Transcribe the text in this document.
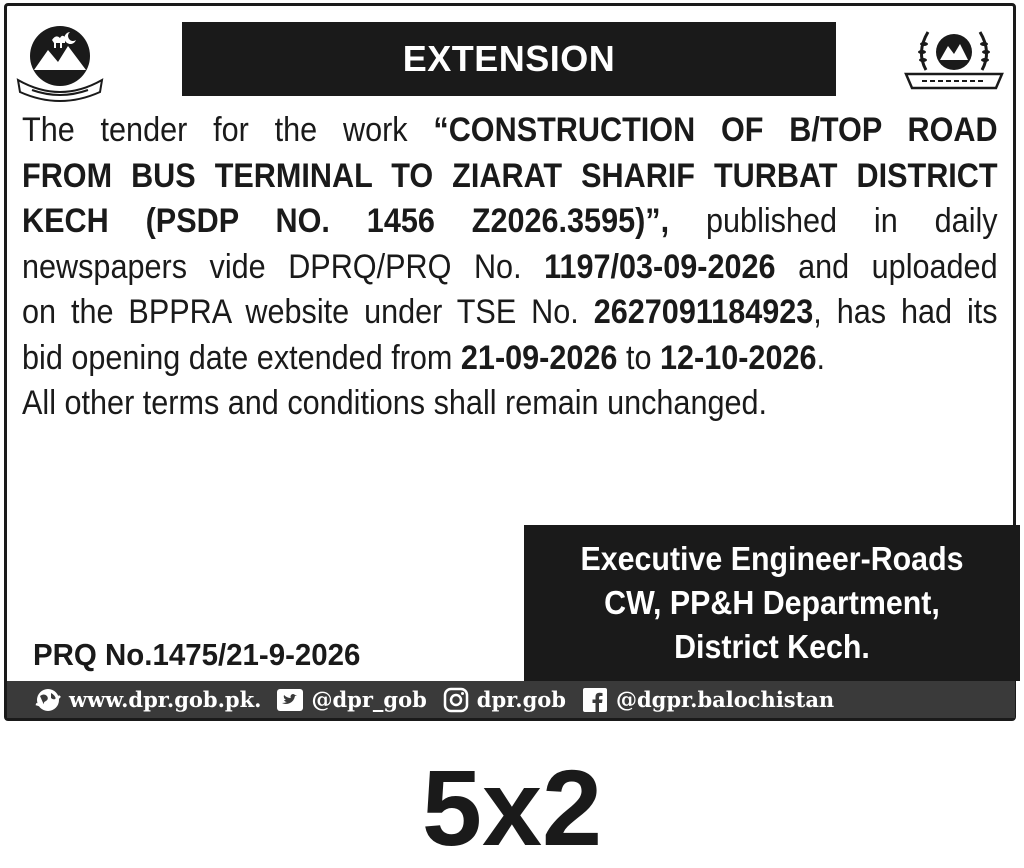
EXTENSION
The tender for the work “CONSTRUCTION OF B/TOP ROAD
FROM BUS TERMINAL TO ZIARAT SHARIF TURBAT DISTRICT
KECH (PSDP NO. 1456 Z2026.3595)”, published in daily
newspapers vide DPRQ/PRQ No. 1197/03-09-2026 and uploaded
on the BPPRA website under TSE No. 2627091184923, has had its
bid opening date extended from 21-09-2026 to 12-10-2026.
All other terms and conditions shall remain unchanged.
Executive Engineer-Roads
CW, PP&H Department,
District Kech.
PRQ No.1475/21-9-2026
www.dpr.gob.pk. @dpr_gob dpr.gob @dgpr.balochistan
5x2
